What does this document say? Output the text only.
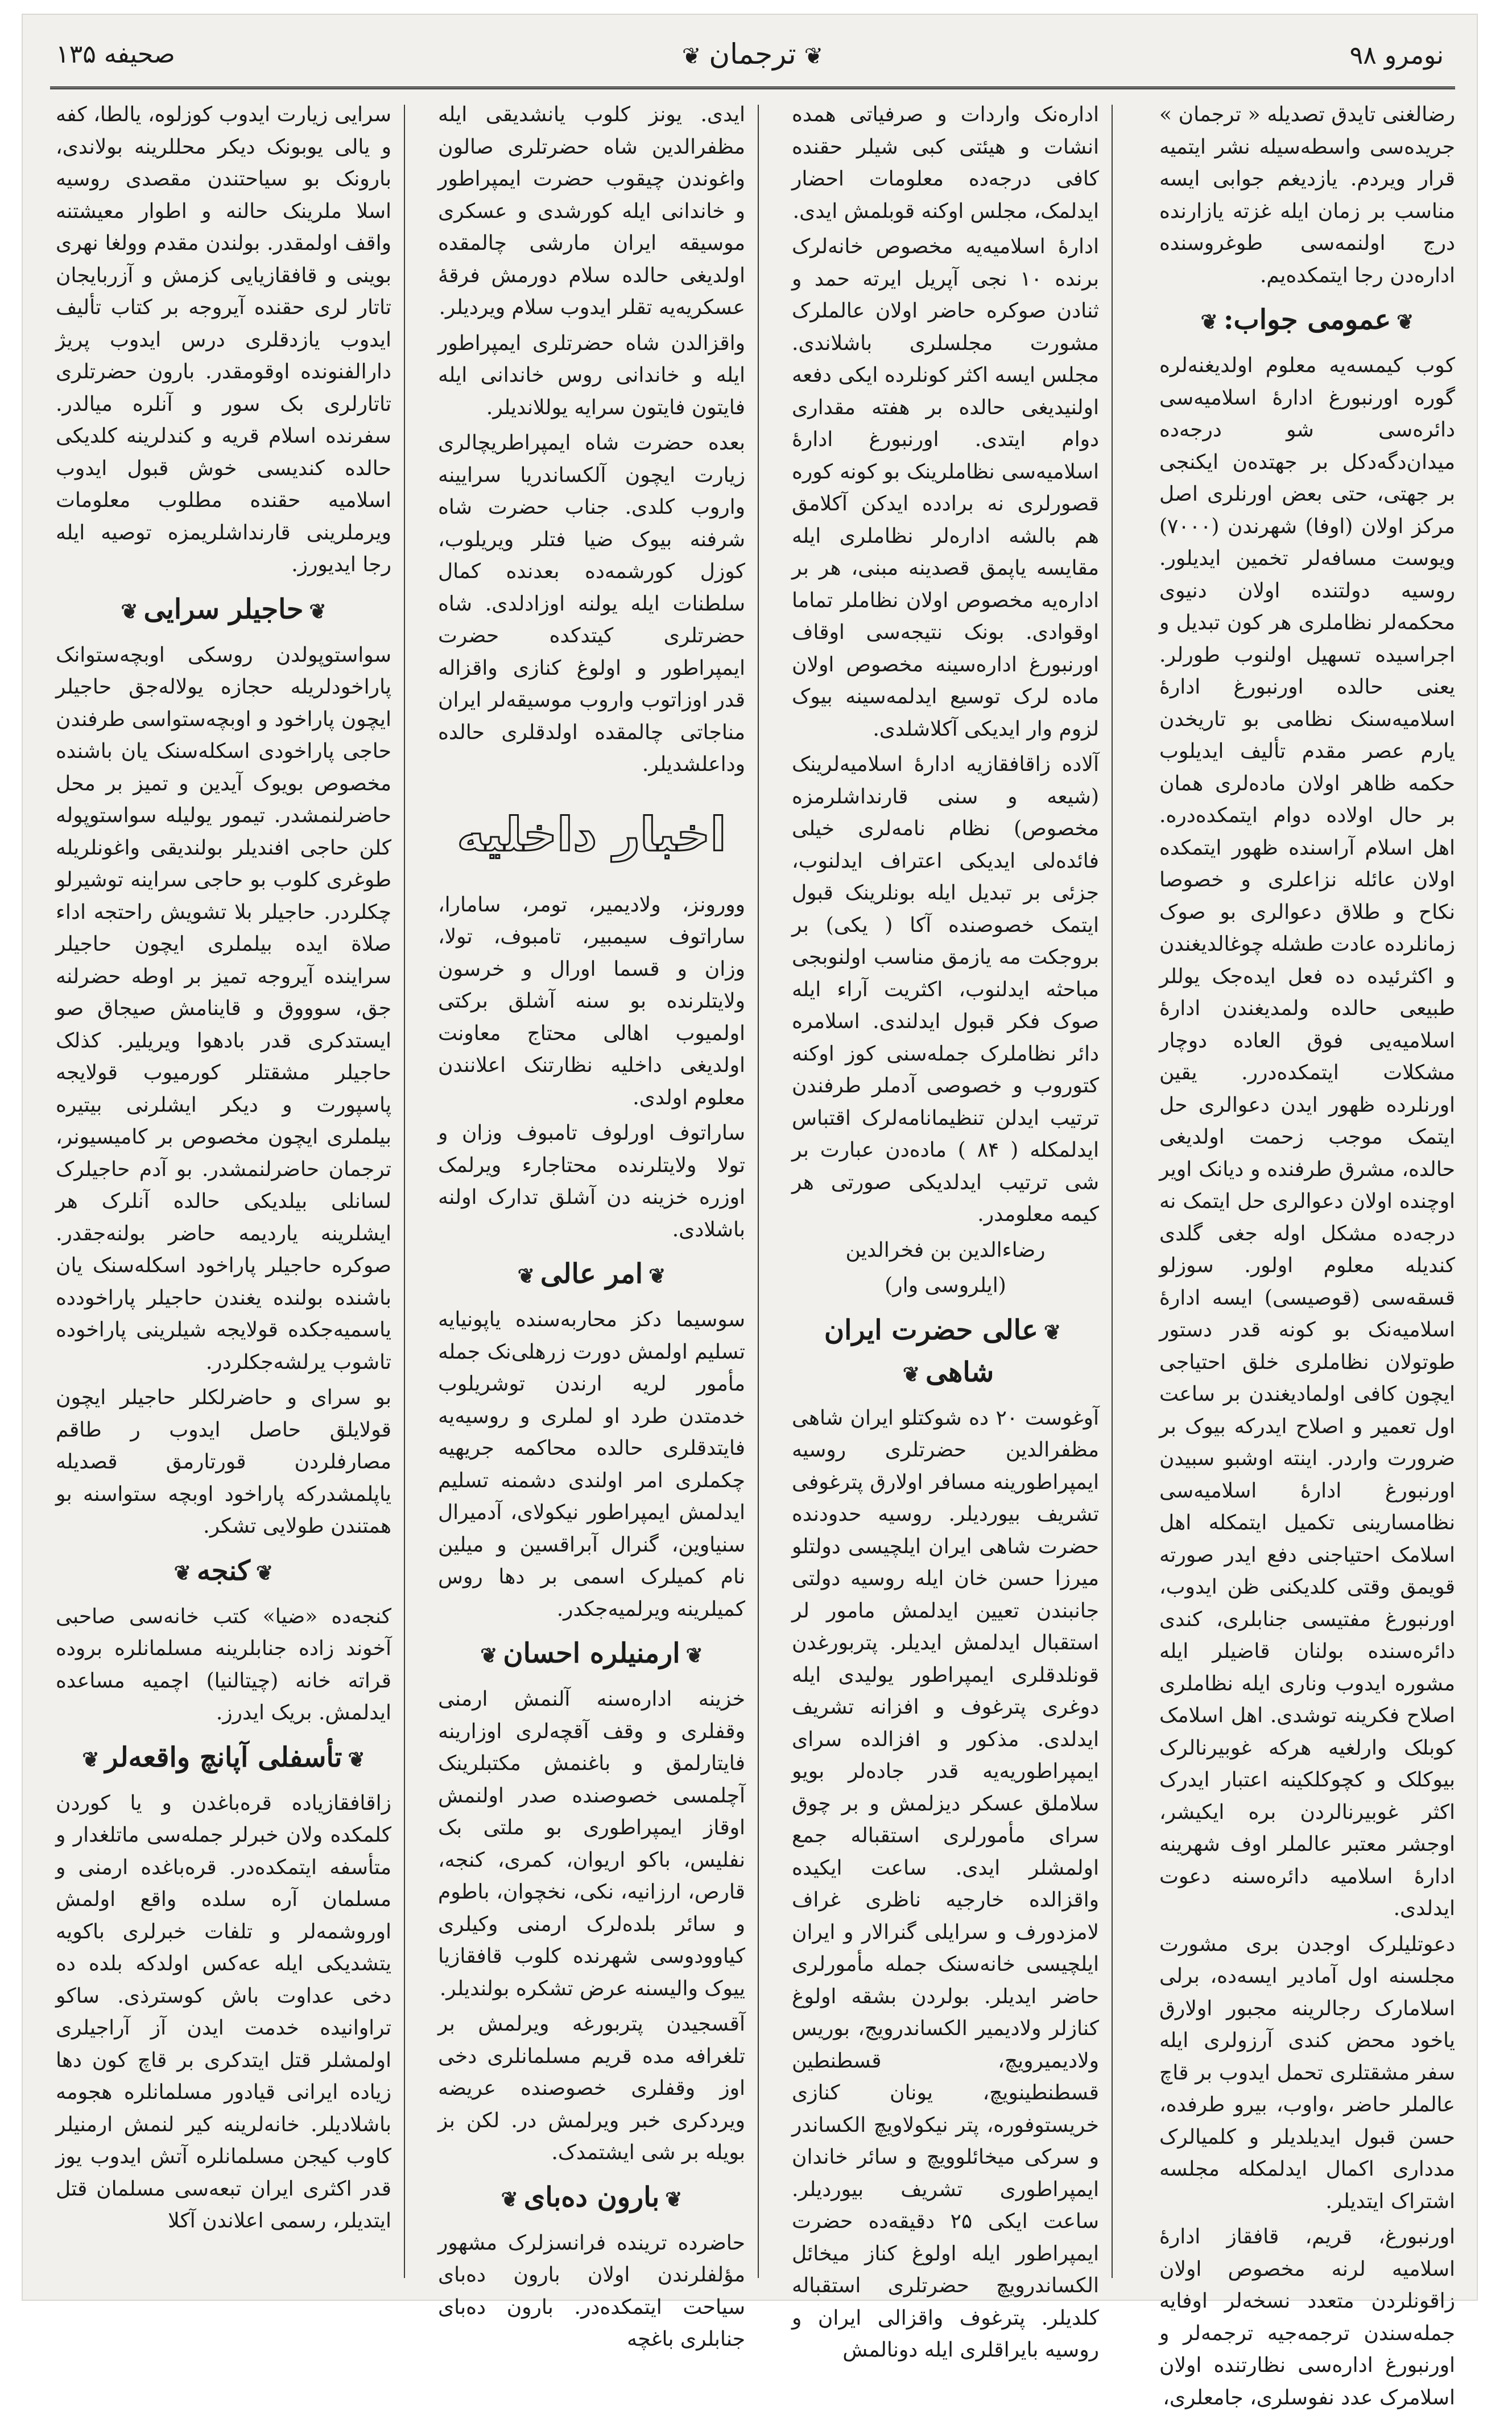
صحیفه ۱۳۵	❦ترجمان❦	نومرو ۹۸

رضالغنی تایدق تصدیله « ترجمان » جریده‌سی واسطه‌سیله نشر ایتمیه قرار ویردم. یازدیغم جوابی ایسه مناسب بر زمان ایله غزته یازارنده درج اولنمه‌سی طوغروسنده ادارەدن رجا ایتمکده‌یم.

❦عمومی جواب:❦

کوب کیمسه‌یه معلوم اولدیغنه‌لرە گوره اورنبورغ ادارهٔ اسلامیەسی دائرەسی شو درجەده میدان‌دگەدکل بر جهتده‌ن ایکنجی بر جهتی، حتی بعض اورنلری اصل مرکز اولان (اوفا) شهرندن (۷۰۰۰) ویوست مسافەلر تخمین ایدیلور. روسیه دولتنده اولان دنیوی محکمەلر نظاملری هر کون تبدیل و اجراسیده تسهیل اولنوب طورلر. یعنی حالده اورنبورغ ادارهٔ اسلامیەسنک نظامی بو تاریخدن یارم عصر مقدم تألیف ایدیلوب حکمه ظاهر اولان مادەلری همان بر حال اولاده دوام ایتمکده‌دره. اهل اسلام آراسنده ظهور ایتمکده اولان عائله نزاعلری و خصوصا نکاح و طلاق دعوالری بو صوک زمانلرده عادت طشله چوغالدیغندن و اکثرئیده دە فعل ایدەجک یوللر طبیعی حالده ولمدیغندن ادارهٔ اسلامیەیی فوق العاده دوچار مشکلات ایتمکده‌درر. یقین اورنلرده ظهور ایدن دعوالری حل ایتمک موجب زحمت اولدیغی حالده، مشرق طرفنده و دیانک اویر اوچنده اولان دعوالری حل ایتمک نه درجەده مشکل اوله جغی گلدی کندیله معلوم اولور. سوزلو قسقەسی (قوصیسی) ایسه ادارهٔ اسلامیەنک بو کونه قدر دستور طوتولان نظاملری خلق احتیاجی ایچون کافی اولمادیغندن بر ساعت اول تعمیر و اصلاح ایدرکه بیوک بر ضرورت واردر. اینته اوشبو سبیدن اورنبورغ ادارهٔ اسلامیەسی نظامسارینی تکمیل ایتمکله اهل اسلامک احتیاجنی دفع ایدر صورته قویمق وقتی کلدیکنی ظن ایدوب، اورنبورغ مفتیسی جنابلری، کندی دائرەسنده بولنان قاضیلر ایله مشورە ایدوب وناری ایله نظاملری اصلاح فکرینه توشدی. اهل اسلامک کوبلک وارلغیه هرکه غوبیرنالرک بیوکلک و کچوکلکینه اعتبار ایدرک اکثر غوبیرنالردن بره ایکیشر، اوجشر معتبر عالملر اوف شهرینه ادارهٔ اسلامیه دائرەسنه دعوت ایدلدی.

دعوتلیلرک اوجدن بری مشورت مجلسنه اول آمادیر ایسه‌ده، برلی اسلامارک رجالرینه مجبور اولارق یاخود محض کندی آرزولری ایله سفر مشقتلری تحمل ایدوب بر قاچ عالملر حاضر ،واوب، بیرو طرفده، حسن قبول ایدیلدیلر و کلمیالرک مدداری اکمال ایدلمکله مجلسه اشتراک ایتدیلر.

اورنبورغ، قریم، قافقاز ادارهٔ اسلامیه لرنه مخصوص اولان زاقونلردن متعدد نسخەلر اوفایه جمله‌سندن ترجمه‌جیه ترجمەلر و اورنبورغ ادارەسی نظارتنده اولان اسلامرک عدد نفوسلری، جامعلری،

ادارەنک واردات و صرفیاتی همده انشات و هیئتی کبی شیلر حقنده کافی درجەده معلومات احضار ایدلمک، مجلس اوکنه قوبلمش ایدی.

ادارهٔ اسلامیەیه مخصوص خانەلرک برنده ۱۰ نجی آپریل ایرته حمد و ثنادن صوکره حاضر اولان عالملرک مشورت مجلسلری باشلاندی. مجلس ایسه اکثر کونلرده ایکی دفعه اولنیدیغی حالده بر هفته مقداری دوام ایتدی. اورنبورغ ادارهٔ اسلامیەسی نظاملرینک بو کونه کوره قصورلری نه برادده ایدکن آکلامق هم بالشه ادارەلر نظاملری ایله مقایسه یاپمق قصدینه مبنی، هر بر ادارەیه مخصوص اولان نظاملر تماما اوقوادی. بونک نتیجەسی اوقاف اورنبورغ ادارەسینه مخصوص اولان مادە لرک توسیع ایدلمه‌سینه بیوک لزوم وار ایدیکی آکلاشلدی.

آلاده زاقافقازیه ادارهٔ اسلامیەلرینک (شیعه و سنی قارنداشلرمزه مخصوص) نظام نامەلری خیلی فائدەلی ایدیکی اعتراف ایدلنوب، جزئی بر تبدیل ایله بونلرینک قبول ایتمک خصوصنده آکا ( یکی) بر بروجکت مه یازمق مناسب اولنوبجی مباحثه ایدلنوب، اکثریت آراء ایله صوک فکر قبول ایدلندی. اسلامره دائر نظاملرک جمله‌سنی کوز اوکنه کتوروب و خصوصی آدملر طرفندن ترتیب ایدلن تنظیمانامەلرک اقتباس ایدلمکله ( ۸۴ ) مادەدن عبارت بر شی ترتیب ایدلدیکی صورتی هر کیمه معلومدر.

رضاءالدین بن فخرالدین

(ایلروسی وار)

❦عالی حضرت ایران شاهی❦

آوغوست ۲۰ ده شوکتلو ایران شاهی مظفرالدین حضرتلری روسیه ایمپراطورینه مسافر اولارق پترغوفی تشریف بیوردیلر. روسیه حدودنده حضرت شاهی ایران ایلچیسی دولتلو میرزا حسن خان ایله روسیه دولتی جانبندن تعیین ایدلمش مامور لر استقبال ایدلمش ایدیلر. پتربورغدن قونلدقلری ایمپراطور یولیدی ایله دوغری پترغوف و افزانه تشریف ایدلدی. مذکور و افزالده سرای ایمپراطوریەیه قدر جادەلر بویو سلاملق عسکر دیزلمش و بر چوق سرای مأمورلری استقباله جمع اولمشلر ایدی. ساعت ایکیده واقزالده خارجیه ناظری غراف لامزدورف و سرایلی گنرالار و ایران ایلچیسی خانەسنک جمله مأمورلری حاضر ایدیلر. بولردن بشقه اولوغ کنازلر ولادیمیر الکساندرویج، بوریس ولادیمیرویچ، قسطنطین قسطنطینویچ، یونان کنازی خریستوفوره، پتر نیکولاویچ الکساندر و سرکی میخائلوویچ و سائر خاندان ایمپراطوری تشریف بیوردیلر. ساعت ایکی ۲۵ دقیقەده حضرت ایمپراطور ایله اولوغ کناز میخائل الکساندرویچ حضرتلری استقباله کلدیلر. پترغوف واقزالی ایران و روسیه بایراقلری ایله دونالمش

ایدی. یونز کلوب یانشدیقی ایله مظفرالدین شاه حضرتلری صالون واغوندن چیقوب حضرت ایمپراطور و خاندانی ایله کورشدی و عسکری موسیقه ایران مارشی چالمقده اولدیغی حالده سلام دورمش فرقهٔ عسکریەیه تقلر ایدوب سلام ویردیلر.

واقزالدن شاه حضرتلری ایمپراطور ایله و خاندانی روس خاندانی ایله فایتون فایتون سرایه یوللاندیلر.

بعده حضرت شاه ایمپراطریچالری زیارت ایچون آلکساندریا سرایینه واروب کلدی. جناب حضرت شاه شرفنه بیوک ضیا فتلر ویریلوب، کوزل کورشمه‌ده بعدنده کمال سلطنات ایله یولنه اوزادلدی. شاه حضرتلری کیتدکده حضرت ایمپراطور و اولوغ کنازی واقزاله قدر اوزاتوب واروب موسیقەلر ایران مناجاتی چالمقده اولدقلری حالده وداعلشدیلر.

اخبار داخلیه

وورونز، ولادیمیر، تومر، سامارا، ساراتوف سیمبیر، تامبوف، تولا، وزان و قسما اورال و خرسون ولایتلرنده بو سنه آشلق برکتی اولمیوب اهالی محتاج معاونت اولدیغی داخلیه نظارتنک اعلانندن معلوم اولدی.

ساراتوف اورلوف تامبوف وزان و تولا ولایتلرنده محتاجارء ویرلمک اوزره خزینه دن آشلق تدارک اولنه باشلادی.

❦امر عالی❦

سوسیما دکز محاربه‌سنده یاپونیایه تسلیم اولمش دورت زرهلی‌نک جمله مأمور لریه ارندن توشریلوب خدمتدن طرد او لملری و روسیه‌یه فایتدقلری حالده محاکمه جریهیه چکملری امر اولندی دشمنه تسلیم ایدلمش ایمپراطور نیکولای، آدمیرال سنیاوین، گنرال آبراقسین و میلین نام کمیلرک اسمی بر دها روس کمیلرینه ویرلمیه‌جکدر.

❦ارمنیلره احسان❦

خزینه ادارەسنه آلنمش ارمنی وقفلری و وقف آقچەلری اوزارینه فایتارلمق و باغنمش مکتبلرینک آچلمسی خصوصنده صدر اولنمش اوقاز ایمپراطوری بو ملتی بک نفلیس، باکو اریوان، کمری، کنجه، قارص، ارزانیه، نکی، نخچوان، باطوم و سائر بلدەلرک ارمنی وکیلری کیاوودوسی شهرنده کلوب قافقازیا ییوک والیسنه عرض تشکره بولندیلر.

آقسجیدن پتربورغه ویرلمش بر تلغرافه مدە قریم مسلمانلری دخی اوز وقفلری خصوصنده عریضه ویردکری خبر ویرلمش در. لکن بز بویله بر شی ایشتمدک.

❦بارون دەبای❦

حاضرده ترینده فرانسزلرک مشهور مؤلفلرندن اولان بارون دەبای سیاحت ایتمکده‌در. بارون دەبای جنابلری باغچه

سرایی زیارت ایدوب کوزلوه، یالطا، کفه و یالی یوبونک دیکر محللرینه بولاندی، بارونک بو سیاحتندن مقصدی روسیه اسلا ملرینک حالنه و اطوار معیشتنه واقف اولمقدر. بولندن مقدم وولغا نهری بوینی و قافقازیایی کزمش و آزربایجان تاتار لری حقنده آیروجه بر کتاب تألیف ایدوب یازدقلری درس ایدوب پریژ دارالفنونده اوقومقدر. بارون حضرتلری تاتارلری بک سور و آنلره میالدر. سفرنده اسلام قریه و کندلرینه کلدیکی حالده کندیسی خوش قبول ایدوب اسلامیە حقنده مطلوب معلومات ویرملرینی قارنداشلریمزه توصیه ایله رجا ایدیورز.

❦حاجیلر سرایی❦

سواستوپولدن روسکی اوبچەستوانک پاراخودلریله حجازه یولالەجق حاجیلر ایچون پاراخود و اوبچەستواسی طرفندن حاجی پاراخودی اسکله‌سنک یان باشنده مخصوص بویوک آیدین و تمیز بر محل حاضرلنمشدر. تیمور یولیله سواستوپوله کلن حاجی افندیلر بولندیقی واغونلریله طوغری کلوب بو حاجی سراینه توشیرلو چکلردر. حاجیلر بلا تشویش راحتجه اداء صلاة ایده بیلملری ایچون حاجیلر سراینده آیروجه تمیز بر اوطه حضرلنه جق، سوووق و قاینامش صیجاق صو ایستدکری قدر بادهوا ویریلیر. کذلک حاجیلر مشقتلر کورمیوب قولایجه پاسپورت و دیکر ایشلرنی بیتیره بیلملری ایچون مخصوص بر کامیسیونر، ترجمان حاضرلنمشدر. بو آدم حاجیلرک لسانلی بیلدیکی حالده آنلرک هر ایشلرینه یاردیمه حاضر بولنه‌جقدر. صوکره حاجیلر پاراخود اسکله‌سنک یان باشنده بولنده یغندن حاجیلر پاراخودده یاسمیه‌جکده قولایجه شیلرینی پاراخوده تاشوب یرلشه‌جکلردر.

بو سرای و حاضرلکلر حاجیلر ایچون قولایلق حاصل ایدوب ر طاقم مصارفلردن قورتارمق قصدیله یاپلمشدرکه پاراخود اوبچە ستواسنه بو همتندن طولایی تشکر.

❦کنجه❦

کنجەده «ضیا» کتب خانەسی صاحبی آخوند زاده جنابلرینه مسلمانلره بروده قراته خانه (چیتالنیا) اچمیه مساعده ایدلمش. بریک ایدرز.

❦تأسفلی آپانچ واقعەلر❦

زاقافقازیاده قرەباغدن و یا کوردن کلمکده ولان خبرلر جمله‌سی ماتلغدار و متأسفه ایتمکدەدر. قرەباغده ارمنی و مسلمان آره سلده واقع اولمش اوروشمەلر و تلفات خبرلری باکویه یتشدیکی ایله عەکس اولدکه بلده ده دخی عداوت باش کوسترذی. ساکو تراوانیده خدمت ایدن آز آراجیلری اولمشلر قتل ایتدکری بر قاچ کون دها زیاده ایرانی قیادور مسلمانلره هجومه باشلادیلر. خانەلرینه کیر لنمش ارمنیلر کاوب کیجن مسلمانلره آتش ایدوب یوز قدر اکثری ایران تبعەسی مسلمان قتل ایتدیلر، رسمی اعلاندن آکلا
